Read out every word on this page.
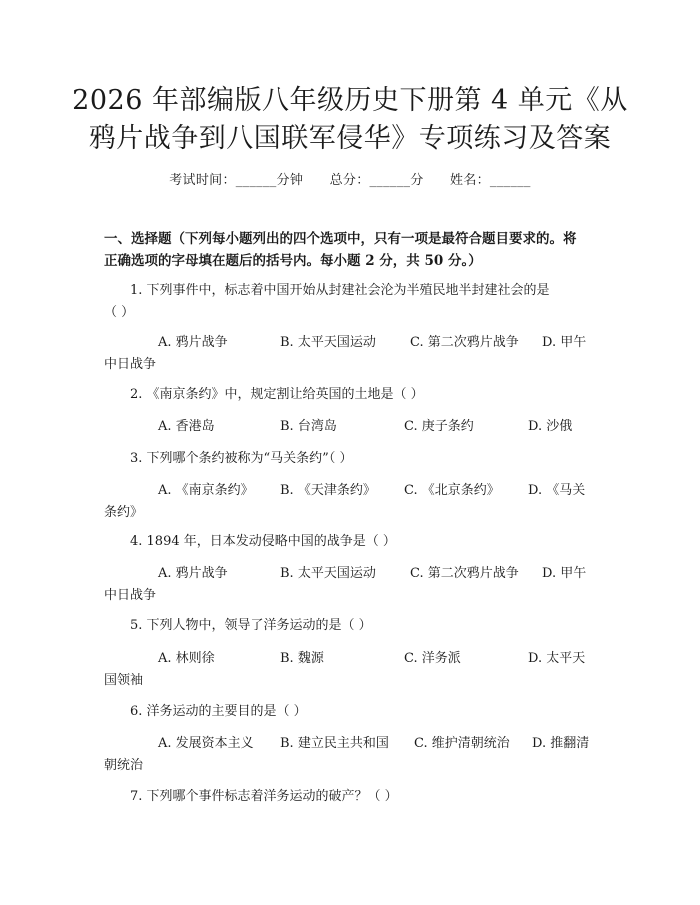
2026 年部编版八年级历史下册第 4 单元《从
鸦片战争到八国联军侵华》专项练习及答案
考试时间：______分钟 总分：______分 姓名：______
一、选择题（下列每小题列出的四个选项中，只有一项是最符合题目要求的。将
正确选项的字母填在题后的括号内。每小题 2 分，共 50 分。）
1. 下列事件中，标志着中国开始从封建社会沦为半殖民地半封建社会的是
（ ）
A. 鸦片战争	B. 太平天国运动	C. 第二次鸦片战争 D. 甲午
中日战争
2. 《南京条约》中，规定割让给英国的土地是（ ）
A. 香港岛	B. 台湾岛	C. 庚子条约	D. 沙俄
3. 下列哪个条约被称为“马关条约”（ ）
A. 《南京条约》 B. 《天津条约》 C. 《北京条约》 D. 《马关
条约》
4. 1894 年，日本发动侵略中国的战争是（ ）
A. 鸦片战争	B. 太平天国运动	C. 第二次鸦片战争 D. 甲午
中日战争
5. 下列人物中，领导了洋务运动的是（ ）
A. 林则徐	B. 魏源	C. 洋务派	D. 太平天
国领袖
6. 洋务运动的主要目的是（ ）
A. 发展资本主义 B. 建立民主共和国 C. 维护清朝统治 D. 推翻清
朝统治
7. 下列哪个事件标志着洋务运动的破产？（ ）
